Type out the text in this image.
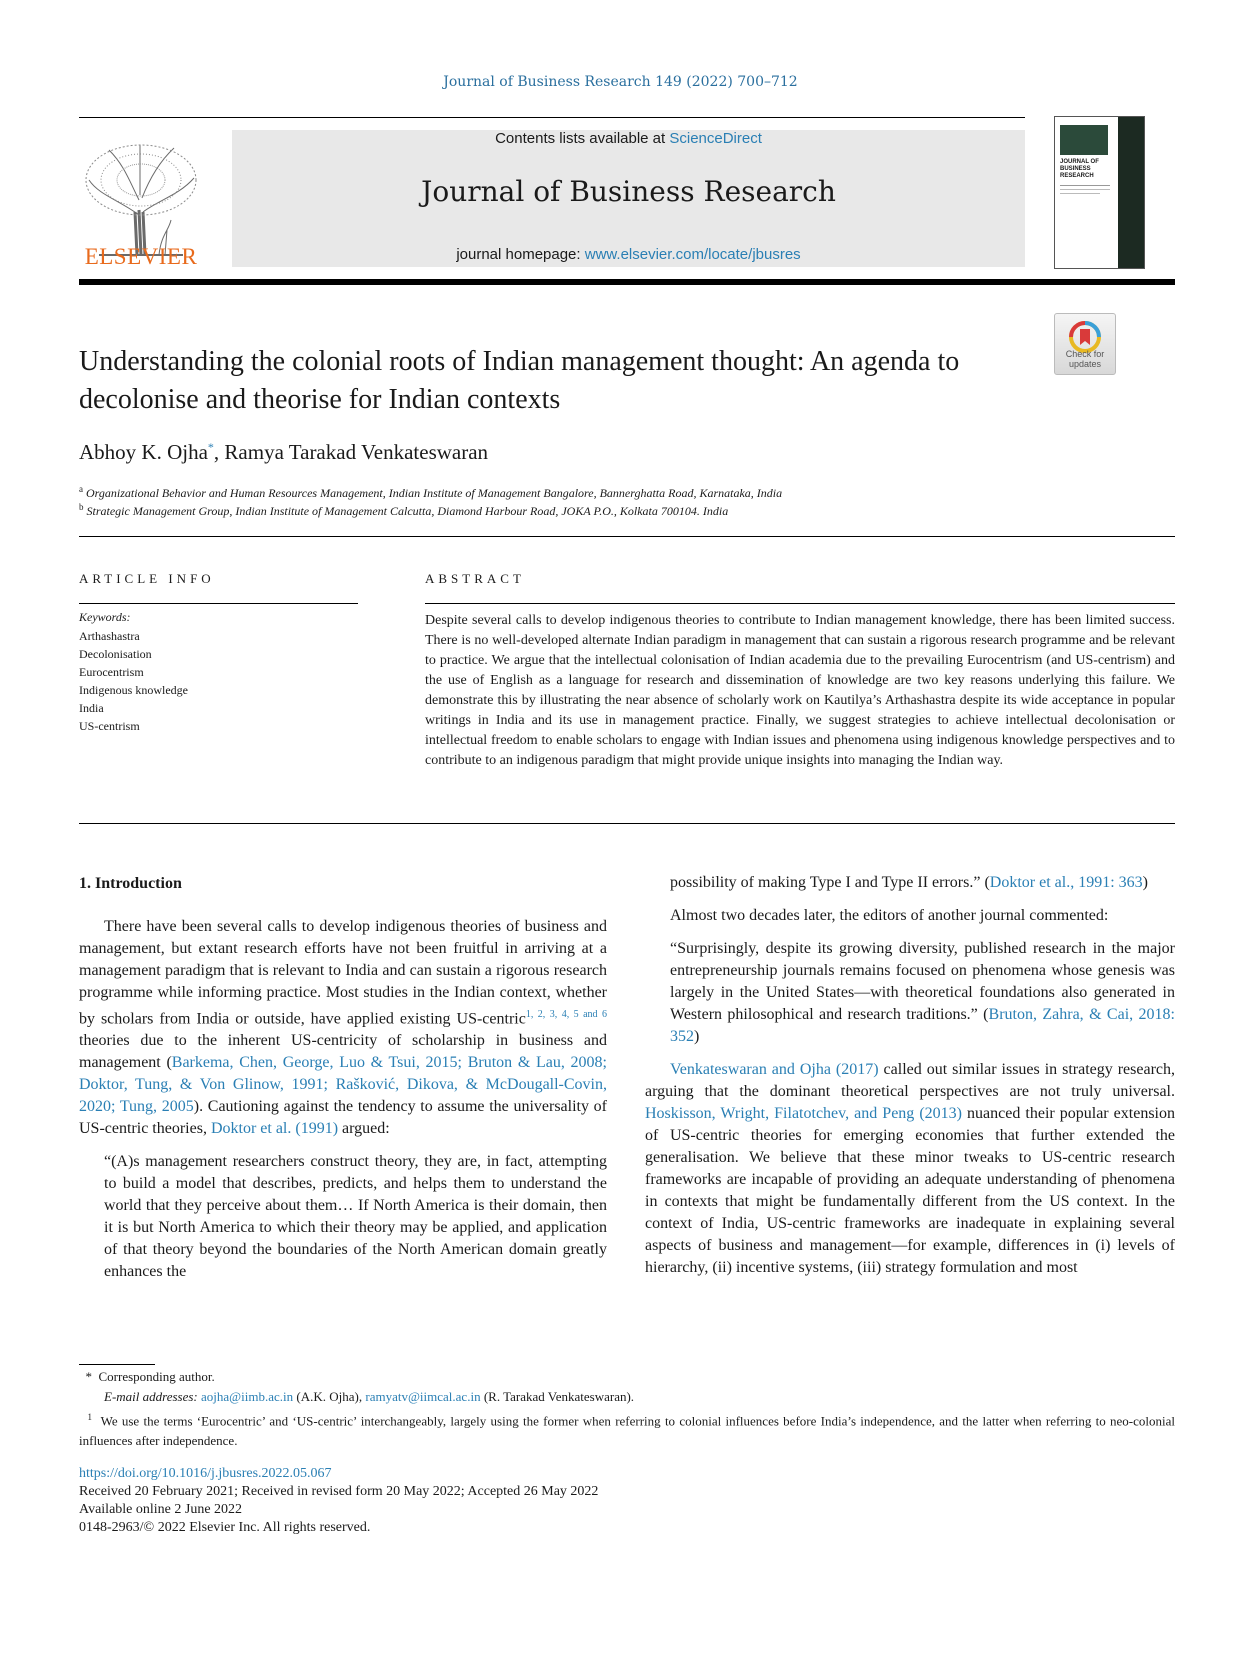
Journal of Business Research 149 (2022) 700–712
ELSEVIER
Contents lists available at ScienceDirect
Journal of Business Research
journal homepage: www.elsevier.com/locate/jbusres
JOURNAL OF BUSINESS RESEARCH
Check for updates
Understanding the colonial roots of Indian management thought: An agenda to decolonise and theorise for Indian contexts
Abhoy K. Ojha*, Ramya Tarakad Venkateswaran
$^a$ Organizational Behavior and Human Resources Management, Indian Institute of Management Bangalore, Bannerghatta Road, Karnataka, India
$^b$ Strategic Management Group, Indian Institute of Management Calcutta, Diamond Harbour Road, JOKA P.O., Kolkata 700104. India
ARTICLE INFO
Keywords:
Arthashastra
Decolonisation
Eurocentrism
Indigenous knowledge
India
US-centrism
ABSTRACT
Despite several calls to develop indigenous theories to contribute to Indian management knowledge, there has been limited success. There is no well-developed alternate Indian paradigm in management that can sustain a rigorous research programme and be relevant to practice. We argue that the intellectual colonisation of Indian academia due to the prevailing Eurocentrism (and US-centrism) and the use of English as a language for research and dissemination of knowledge are two key reasons underlying this failure. We demonstrate this by illustrating the near absence of scholarly work on Kautilya’s Arthashastra despite its wide acceptance in popular writings in India and its use in management practice. Finally, we suggest strategies to achieve intellectual decolonisation or intellectual freedom to enable scholars to engage with Indian issues and phenomena using indigenous knowledge perspectives and to contribute to an indigenous paradigm that might provide unique insights into managing the Indian way.
1. Introduction

There have been several calls to develop indigenous theories of business and management, but extant research efforts have not been fruitful in arriving at a management paradigm that is relevant to India and can sustain a rigorous research programme while informing practice. Most studies in the Indian context, whether by scholars from India or outside, have applied existing US-centric$^{1, 2, 3, 4, 5 and 6}$ theories due to the inherent US-centricity of scholarship in business and management (Barkema, Chen, George, Luo & Tsui, 2015; Bruton & Lau, 2008; Doktor, Tung, & Von Glinow, 1991; Rašković, Dikova, & McDougall-Covin, 2020; Tung, 2005). Cautioning against the tendency to assume the universality of US-centric theories, Doktor et al. (1991) argued:

“(A)s management researchers construct theory, they are, in fact, attempting to build a model that describes, predicts, and helps them to understand the world that they perceive about them… If North America is their domain, then it is but North America to which their theory may be applied, and application of that theory beyond the boundaries of the North American domain greatly enhances the

possibility of making Type I and Type II errors.” (Doktor et al., 1991: 363)

Almost two decades later, the editors of another journal commented:

“Surprisingly, despite its growing diversity, published research in the major entrepreneurship journals remains focused on phenomena whose genesis was largely in the United States—with theoretical foundations also generated in Western philosophical and research traditions.” (Bruton, Zahra, & Cai, 2018: 352)

Venkateswaran and Ojha (2017) called out similar issues in strategy research, arguing that the dominant theoretical perspectives are not truly universal. Hoskisson, Wright, Filatotchev, and Peng (2013) nuanced their popular extension of US-centric theories for emerging economies that further extended the generalisation. We believe that these minor tweaks to US-centric research frameworks are incapable of providing an adequate understanding of phenomena in contexts that might be fundamentally different from the US context. In the context of India, US-centric frameworks are inadequate in explaining several aspects of business and management—for example, differences in (i) levels of hierarchy, (ii) incentive systems, (iii) strategy formulation and most

* Corresponding author.
E-mail addresses: aojha@iimb.ac.in (A.K. Ojha), ramyatv@iimcal.ac.in (R. Tarakad Venkateswaran).
$^1$ We use the terms ‘Eurocentric’ and ‘US-centric’ interchangeably, largely using the former when referring to colonial influences before India’s independence, and the latter when referring to neo-colonial influences after independence.
https://doi.org/10.1016/j.jbusres.2022.05.067
Received 20 February 2021; Received in revised form 20 May 2022; Accepted 26 May 2022
Available online 2 June 2022
0148-2963/© 2022 Elsevier Inc. All rights reserved.
